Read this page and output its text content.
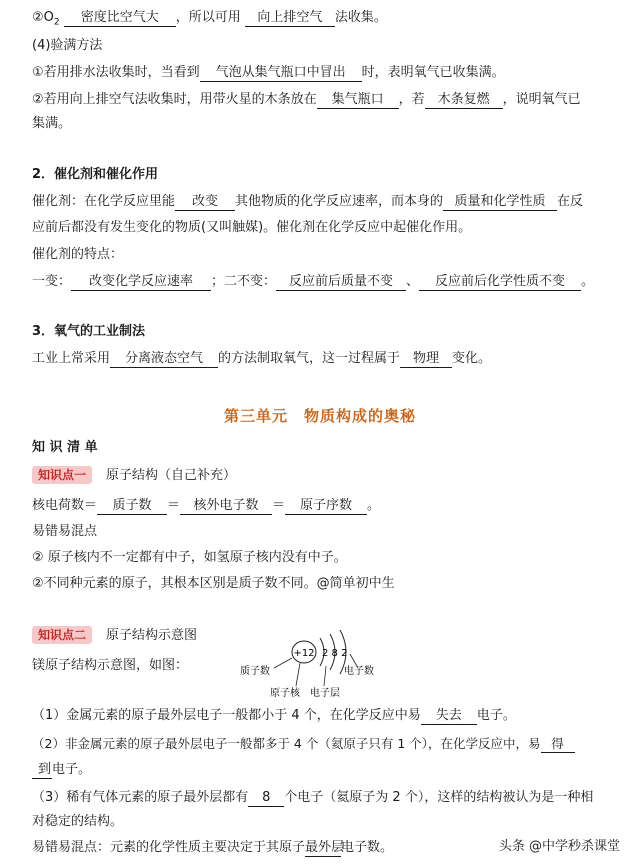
$②O_2$ 密度比空气大 ，所以可用 向上排空气 法收集。
(4)验满方法
①若用排水法收集时，当看到 气泡从集气瓶口中冒出 时，表明氧气已收集满。
②若用向上排空气法收集时，用带火星的木条放在 集气瓶口 ，若 木条复燃 ，说明氧气已
集满。
2．催化剂和催化作用
催化剂：在化学反应里能 改变 其他物质的化学反应速率，而本身的 质量和化学性质 在反
应前后都没有发生变化的物质(又叫触媒)。催化剂在化学反应中起催化作用。
催化剂的特点：
一变： 改变化学反应速率 ；二不变： 反应前后质量不变 、 反应前后化学性质不变 。
3．氧气的工业制法
工业上常采用 分离液态空气 的方法制取氧气，这一过程属于 物理 变化。
第三单元　物质构成的奥秘
知 识 清 单
知识点一 原子结构（自己补充）
核电荷数＝ 质子数 ＝ 核外电子数 ＝ 原子序数 。
易错易混点
② 原子核内不一定都有中子，如氢原子核内没有中子。
②不同种元素的原子，其根本区别是质子数不同。@简单初中生
知识点二 原子结构示意图
镁原子结构示意图，如图：
+12 2 8 2
质子数	电子数
原子核 电子层
（1）金属元素的原子最外层电子一般都小于 4 个，在化学反应中易 失去 电子。
（2）非金属元素的原子最外层电子一般都多于 4 个（氦原子只有 1 个），在化学反应中，易 得
到电子。
（3）稀有气体元素的原子最外层都有 8 个电子（氦原子为 2 个），这样的结构被认为是一种相
对稳定的结构。
易错易混点：元素的化学性质主要决定于其原子最外层电子数。	头条 @中学秒杀课堂
